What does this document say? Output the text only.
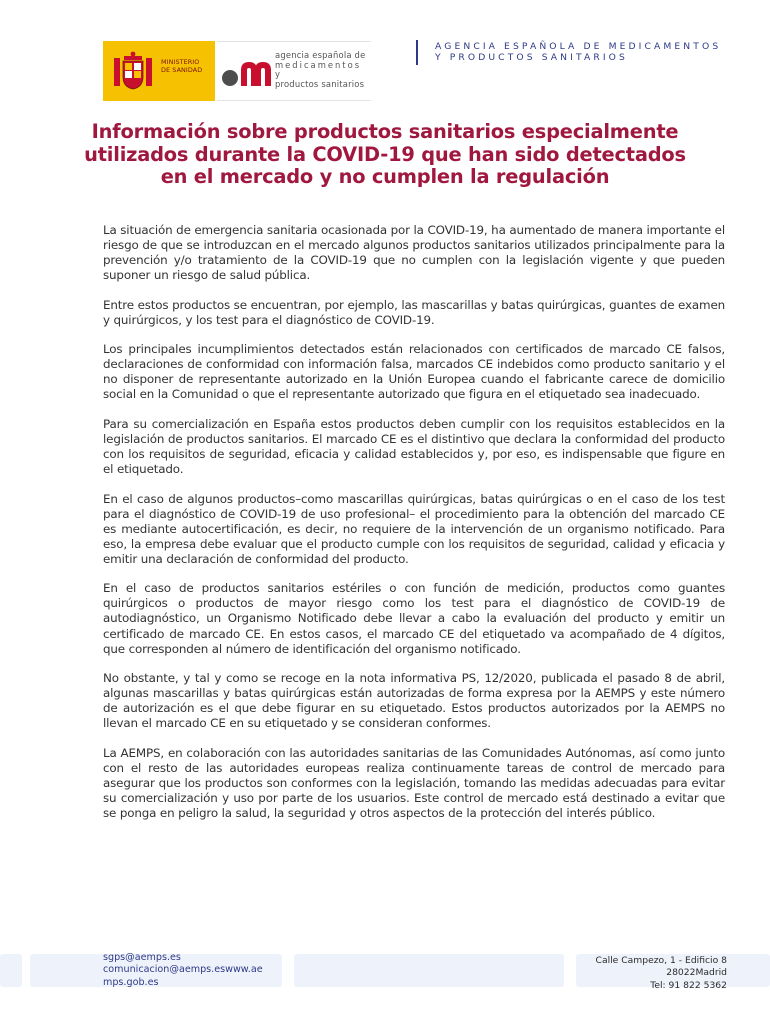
MINISTERIO
DE SANIDAD
agencia española de
medicamentos y
productos sanitarios
AGENCIA ESPAÑOLA DE MEDICAMENTOS
Y PRODUCTOS SANITARIOS
Información sobre productos sanitarios especialmente
utilizados durante la COVID-19 que han sido detectados
en el mercado y no cumplen la regulación

La situación de emergencia sanitaria ocasionada por la COVID-19, ha aumentado de manera importante el riesgo de que se introduzcan en el mercado algunos productos sanitarios utilizados principalmente para la prevención y/o tratamiento de la COVID-19 que no cumplen con la legislación vigente y que pueden suponer un riesgo de salud pública.

Entre estos productos se encuentran, por ejemplo, las mascarillas y batas quirúrgicas, guantes de examen y quirúrgicos, y los test para el diagnóstico de COVID-19.

Los principales incumplimientos detectados están relacionados con certificados de marcado CE falsos, declaraciones de conformidad con información falsa, marcados CE indebidos como producto sanitario y el no disponer de representante autorizado en la Unión Europea cuando el fabricante carece de domicilio social en la Comunidad o que el representante autorizado que figura en el etiquetado sea inadecuado.

Para su comercialización en España estos productos deben cumplir con los requisitos establecidos en la legislación de productos sanitarios. El marcado CE es el distintivo que declara la conformidad del producto con los requisitos de seguridad, eficacia y calidad establecidos y, por eso, es indispensable que figure en el etiquetado.

En el caso de algunos productos–como mascarillas quirúrgicas, batas quirúrgicas o en el caso de los test para el diagnóstico de COVID-19 de uso profesional– el procedimiento para la obtención del marcado CE es mediante autocertificación, es decir, no requiere de la intervención de un organismo notificado. Para eso, la empresa debe evaluar que el producto cumple con los requisitos de seguridad, calidad y eficacia y emitir una declaración de conformidad del producto.

En el caso de productos sanitarios estériles o con función de medición, productos como guantes quirúrgicos o productos de mayor riesgo como los test para el diagnóstico de COVID-19 de autodiagnóstico, un Organismo Notificado debe llevar a cabo la evaluación del producto y emitir un certificado de marcado CE. En estos casos, el marcado CE del etiquetado va acompañado de 4 dígitos, que corresponden al número de identificación del organismo notificado.

No obstante, y tal y como se recoge en la nota informativa PS, 12/2020, publicada el pasado 8 de abril, algunas mascarillas y batas quirúrgicas están autorizadas de forma expresa por la AEMPS y este número de autorización es el que debe figurar en su etiquetado. Estos productos autorizados por la AEMPS no llevan el marcado CE en su etiquetado y se consideran conformes.

La AEMPS, en colaboración con las autoridades sanitarias de las Comunidades Autónomas, así como junto con el resto de las autoridades europeas realiza continuamente tareas de control de mercado para asegurar que los productos son conformes con la legislación, tomando las medidas adecuadas para evitar su comercialización y uso por parte de los usuarios. Este control de mercado está destinado a evitar que se ponga en peligro la salud, la seguridad y otros aspectos de la protección del interés público.

sgps@aemps.es
comunicacion@aemps.eswww.ae
mps.gob.es
Calle Campezo, 1 - Edificio 8
28022Madrid
Tel: 91 822 5362
